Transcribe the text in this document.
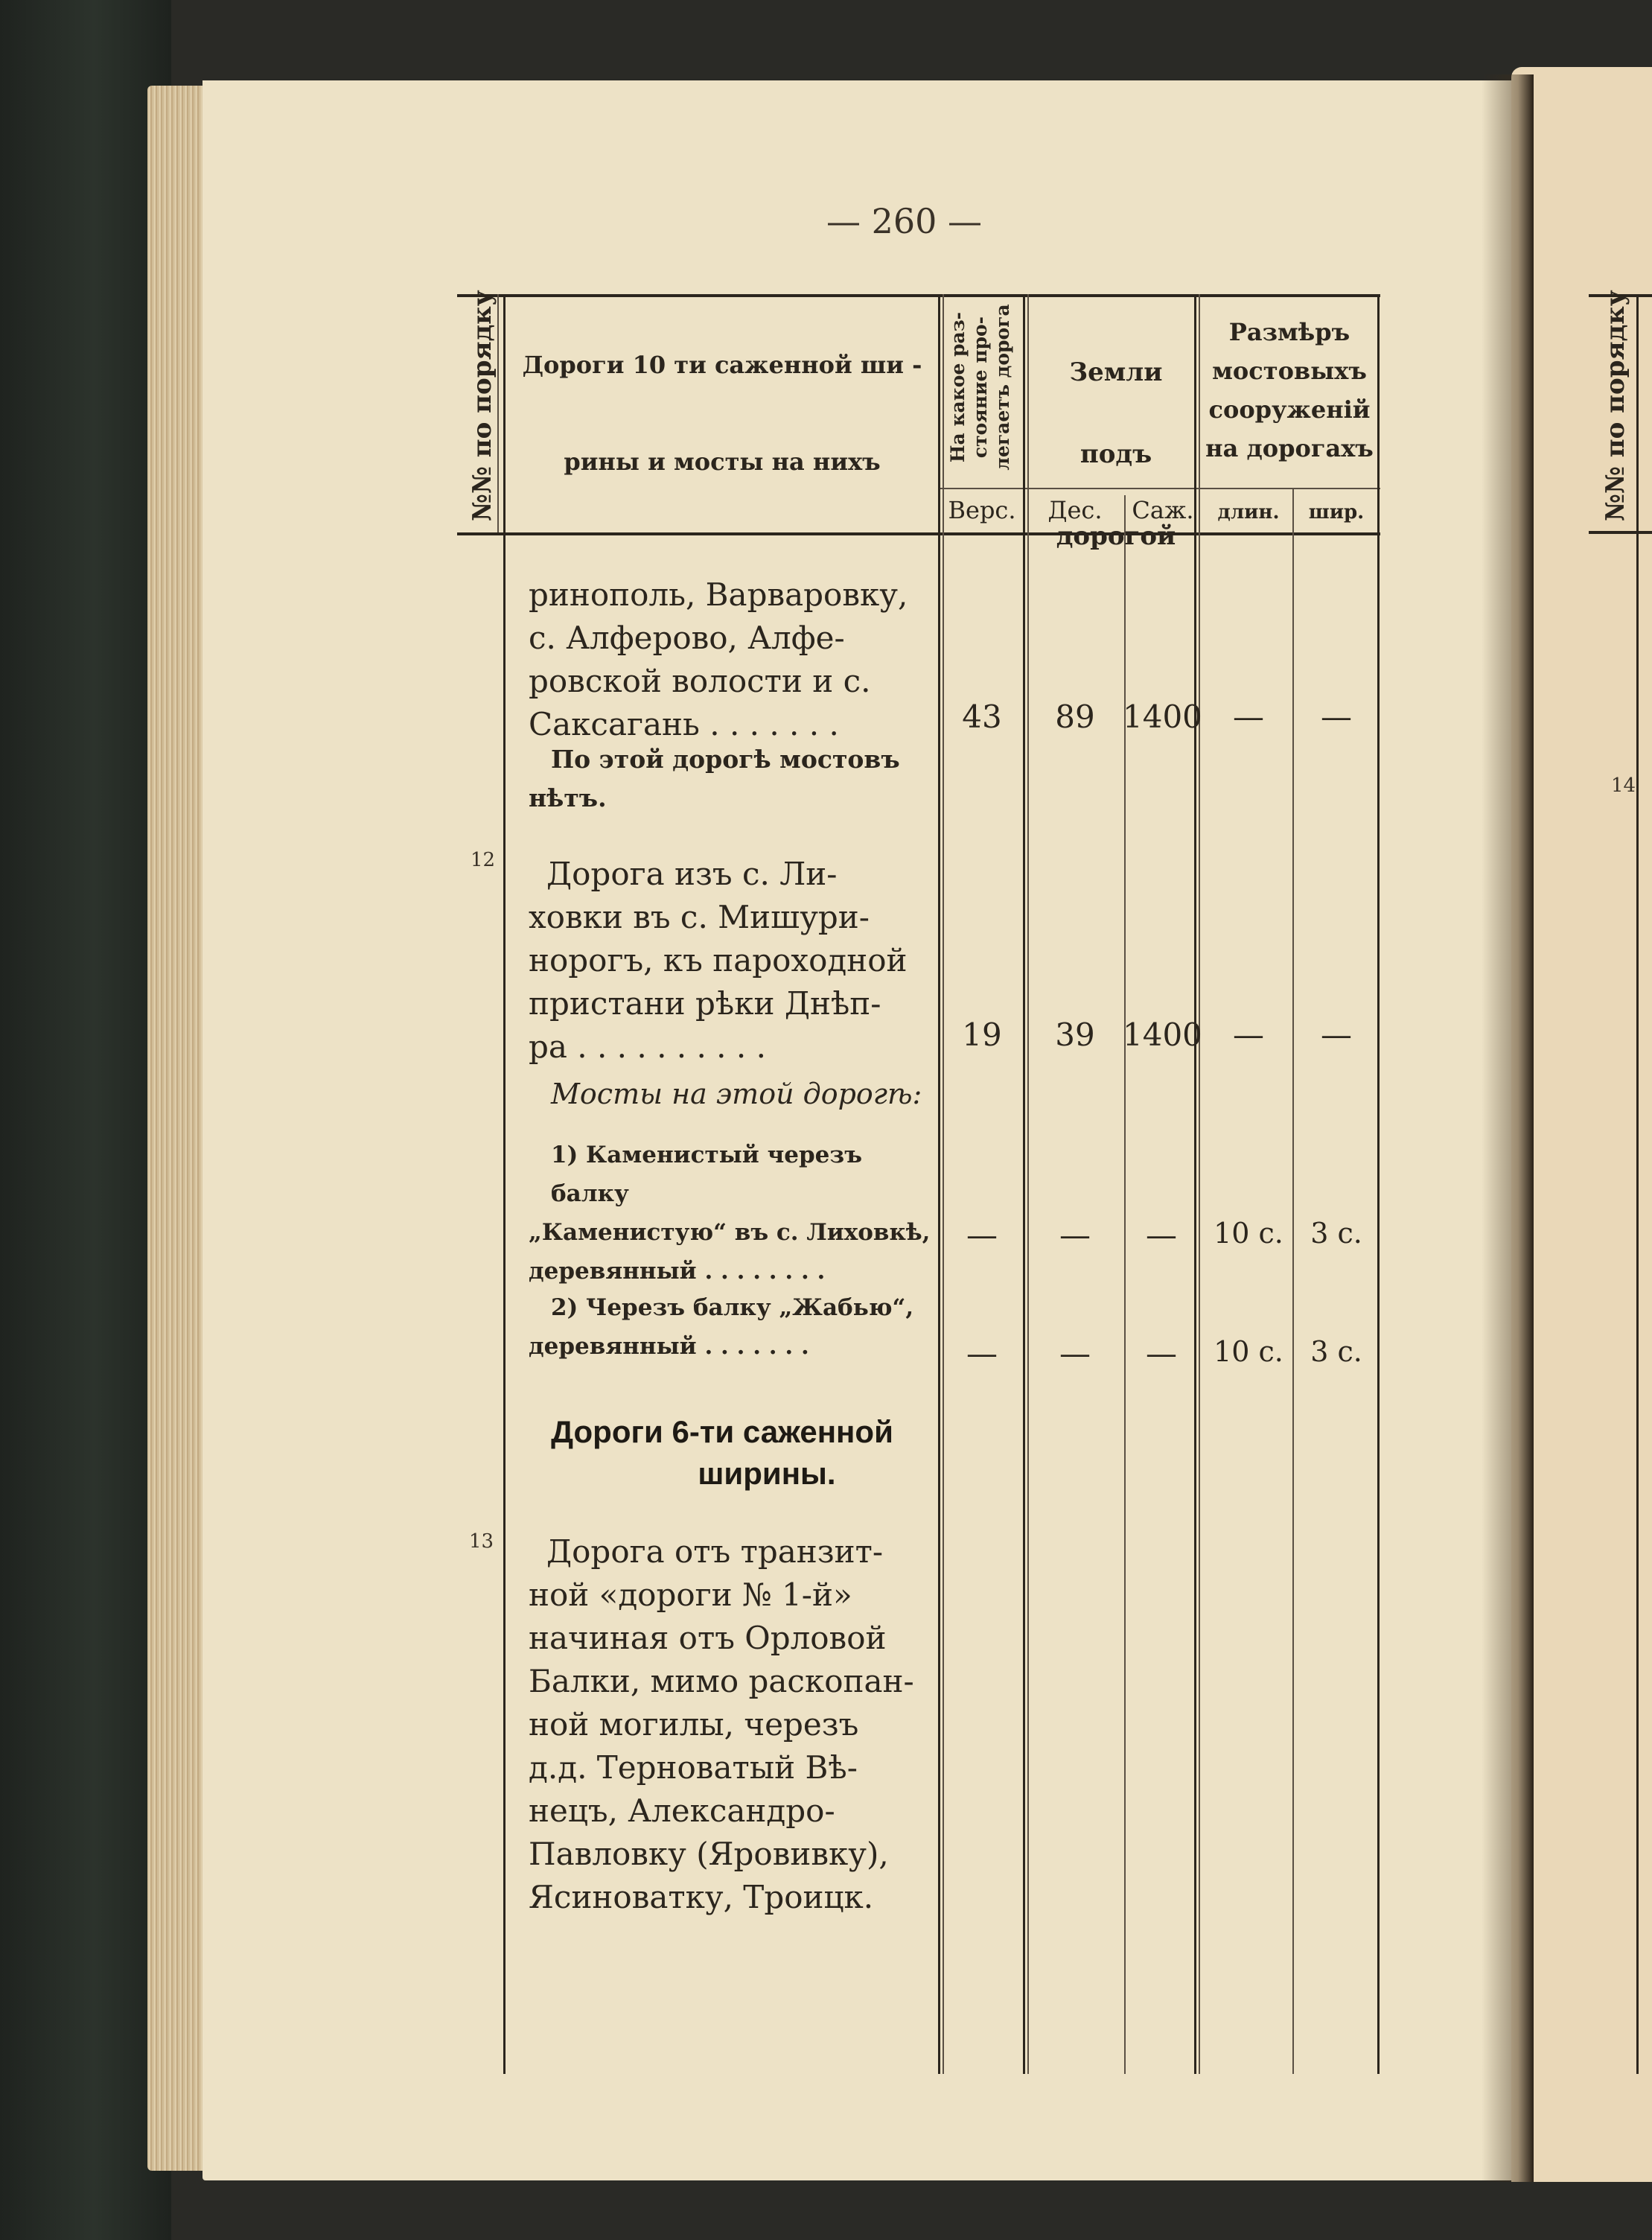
— 260 —
№№ по порядку	Дороги 10 ти саженной ши -
рины и мосты на нихъ	На какое раз-стояние про-легаетъ дорога
Верс.
Земли подъ дорогой
Дес.	Саж.
Размѣръ мостовыхъ сооруженій на дорогахъ
длин.	шир.
ринополь, Варваровку,
с. Алферово, Алфе-
ровской волости и с.
Саксагань . . . . . . .
По этой дорогѣ мостовъ
нѣтъ.
43	89 1400 —	—
12	Дорога изъ с. Ли-
ховки въ с. Мишури-
норогъ, къ пароходной
пристани рѣки Днѣп-
ра . . . . . . . . . .	19	39 1400 —	—
Мосты на этой дорогѣ:
1) Каменистый черезъ балку
„Каменистую“ въ с. Лиховкѣ,
деревянный . . . . . . . .
—	—	—	10 с. 3 с.
2) Черезъ балку „Жабью“,
деревянный . . . . . . .	—	—	—	10 с. 3 с.
Дороги 6-ти саженной
ширины.
13	Дорога отъ транзит-
ной «дороги № 1-й»
начиная отъ Орловой
Балки, мимо раскопан-
ной могилы, черезъ
д.д. Терноватый Вѣ-
нецъ, Александро-
Павловку (Яровивку),
Ясиноватку, Троицк.
№№ по порядку
14
